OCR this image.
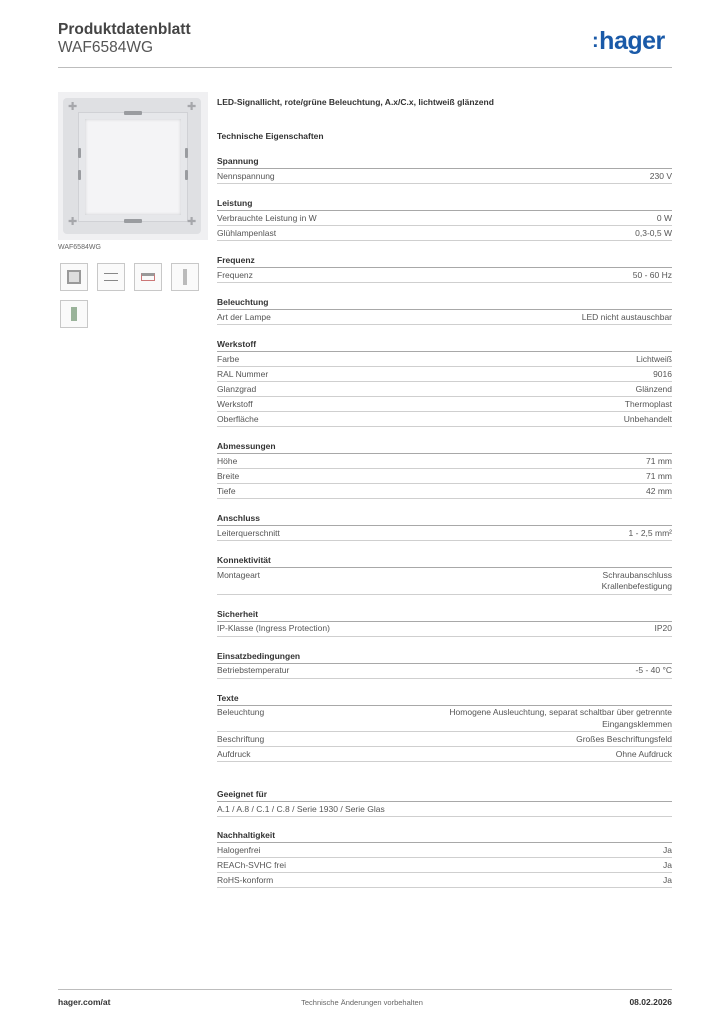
Produktdatenblatt
WAF6584WG	:hager
✚	✚
✚	✚
WAF6584WG
LED-Signallicht, rote/grüne Beleuchtung, A.x/C.x, lichtweiß glänzend
Technische Eigenschaften
Spannung
Nennspannung	230 V
Leistung
Verbrauchte Leistung in W	0 W
Glühlampenlast	0,3-0,5 W
Frequenz
Frequenz	50 - 60 Hz
Beleuchtung
Art der Lampe	LED nicht austauschbar
Werkstoff
Farbe	Lichtweiß
RAL Nummer	9016
Glanzgrad	Glänzend
Werkstoff	Thermoplast
Oberfläche	Unbehandelt
Abmessungen
Höhe	71 mm
Breite	71 mm
Tiefe	42 mm
Anschluss
Leiterquerschnitt	1 - 2,5 mm²
Konnektivität
Montageart	Schraubanschluss
Krallenbefestigung
Sicherheit
IP-Klasse (Ingress Protection)	IP20
Einsatzbedingungen
Betriebstemperatur	-5 - 40 °C
Texte
Beleuchtung	Homogene Ausleuchtung, separat schaltbar über getrennte Eingangsklemmen
Beschriftung	Großes Beschriftungsfeld
Aufdruck	Ohne Aufdruck
Geeignet für
A.1 / A.8 / C.1 / C.8 / Serie 1930 / Serie Glas
Nachhaltigkeit
Halogenfrei	Ja
REACh-SVHC frei	Ja
RoHS-konform	Ja
hager.com/at	Technische Änderungen vorbehalten	08.02.2026
